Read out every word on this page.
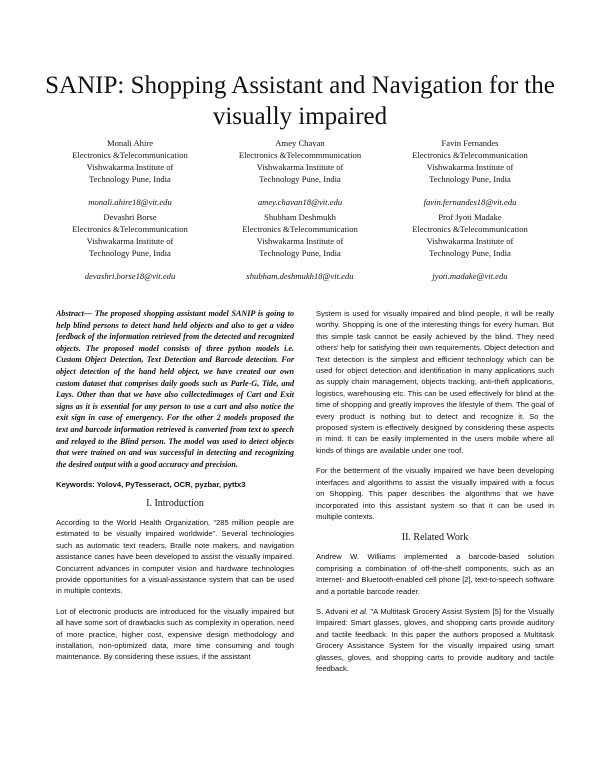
SANIP: Shopping Assistant and Navigation for the visually impaired
Monali Ahire
Electronics &Telecommunication
Vishwakarma Institute of
Technology Pune, India
monali.ahire18@vit.edu
Amey Chavan
Electronics &Telecommmunication
Vishwakarma Institute of
Technology Pune, India
amey.chavan18@vit.edu
Favin Fernandes
Electronics &Telecommunication
Vishwakarma Institute of
Technology Pune, India
favin.fernandes18@vit.edu
Devashri Borse
Electronics &Telecommunication
Vishwakarma Institute of
Technology Pune, India
devashri.borse18@vit.edu
Shubham Deshmukh
Electronics &Telecommunication
Vishwakarma Institute of
Technology Pune, India
shubham.deshmukh18@vit.edu
Prof Jyoti Madake
Electronics &Telecommunication
Vishwakarma Institute of
Technology Pune, India
jyoti.madake@vit.edu

Abstract— The proposed shopping assistant model SANIP is going to help blind persons to detect hand held objects and also to get a video feedback of the information retrieved from the detected and recognized objects. The proposed model consists of three python models i.e. Custom Object Detection, Text Detection and Barcode detection. For object detection of the hand held object, we have created our own custom dataset that comprises daily goods such as Parle-G, Tide, and Lays. Other than that we have also collectedimages of Cart and Exit signs as it is essential for any person to use a cart and also notice the exit sign in case of emergency. For the other 2 models proposed the text and barcode information retrieved is converted from text to speech and relayed to the Blind person. The model was used to detect objects that were trained on and was successful in detecting and recognizing the desired output with a good accuracy and precision.

Keywords: Yolov4, PyTesseract, OCR, pyzbar, pyttx3

I. Introduction

According to the World Health Organization, “285 million people are estimated to be visually impaired worldwide”. Several technologies such as automatic text readers, Braille note makers, and navigation assistance canes have been developed to assist the visually impaired. Concurrent advances in computer vision and hardware technologies provide opportunities for a visual-assistance system that can be used in multiple contexts.

Lot of electronic products are introduced for the visually impaired but all have some sort of drawbacks such as complexity in operation, need of more practice, higher cost, expensive design methodology and installation, non-optimized data, more time consuming and tough maintenance. By considering these issues, if the assistant

System is used for visually impaired and blind people, it will be really worthy. Shopping is one of the interesting things for every human. But this simple task cannot be easily achieved by the blind. They need others' help for satisfying their own requirements. Object detection and Text detection is the simplest and efficient technology which can be used for object detection and identification in many applications such as supply chain management, objects tracking, anti-theft applications, logistics, warehousing etc. This can be used effectively for blind at the time of shopping and greatly improves the lifestyle of them. The goal of every product is nothing but to detect and recognize it. So the proposed system is effectively designed by considering these aspects in mind. It can be easily implemented in the users mobile where all kinds of things are available under one roof.

For the betterment of the visually impaired we have been developing interfaces and algorithms to assist the visually impaired with a focus on Shopping. This paper describes the algorithms that we have incorporated into this assistant system so that it can be used in multiple contexts.

II. Related Work

Andrew W. Williams implemented a barcode-based solution comprising a combination of off-the-shelf components, such as an Internet- and Bluetooth-enabled cell phone [2], text-to-speech software and a portable barcode reader.

S. Advani et al. "A Multitask Grocery Assist System [5] for the Visually Impaired: Smart glasses, gloves, and shopping carts provide auditory and tactile feedback. In this paper the authors proposed a Multitask Grocery Assistance System for the visually impaired using smart glasses, gloves, and shopping carts to provide auditory and tactile feedback.
